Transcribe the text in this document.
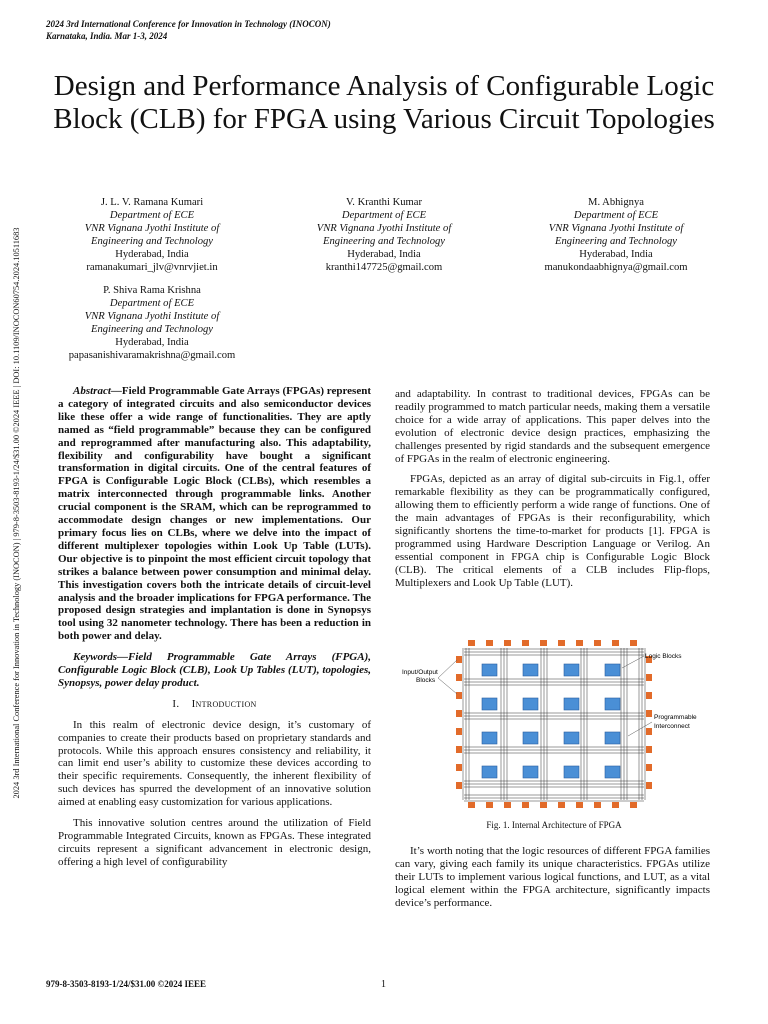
2024 3rd International Conference for Innovation in Technology (INOCON)
Karnataka, India. Mar 1-3, 2024
Design and Performance Analysis of Configurable Logic Block (CLB) for FPGA using Various Circuit Topologies
J. L. V. Ramana Kumari
Department of ECE
VNR Vignana Jyothi Institute of
Engineering and Technology
Hyderabad, India
ramanakumari_jlv@vnrvjiet.in
V. Kranthi Kumar
Department of ECE
VNR Vignana Jyothi Institute of
Engineering and Technology
Hyderabad, India
kranthi147725@gmail.com
M. Abhignya
Department of ECE
VNR Vignana Jyothi Institute of
Engineering and Technology
Hyderabad, India
manukondaabhignya@gmail.com
P. Shiva Rama Krishna
Department of ECE
VNR Vignana Jyothi Institute of
Engineering and Technology
Hyderabad, India
papasanishivaramakrishna@gmail.com
2024 3rd International Conference for Innovation in Technology (INOCON) | 979-8-3503-8193-1/24/$31.00 ©2024 IEEE | DOI: 10.1109/INOCON60754.2024.10511683	Abstract—Field Programmable Gate Arrays (FPGAs) represent a category of integrated circuits and also semiconductor devices like these offer a wide range of functionalities. They are aptly named as “field programmable” because they can be configured and reprogrammed after manufacturing also. This adaptability, flexibility and configurability have bought a significant transformation in digital circuits. One of the central features of FPGA is Configurable Logic Block (CLBs), which resembles a matrix interconnected through programmable links. Another crucial component is the SRAM, which can be reprogrammed to accommodate design changes or new implementations. Our primary focus lies on CLBs, where we delve into the impact of different multiplexer topologies within Look Up Table (LUTs). Our objective is to pinpoint the most efficient circuit topology that strikes a balance between power consumption and minimal delay. This investigation covers both the intricate details of circuit-level analysis and the broader implications for FPGA performance. The proposed design strategies and implantation is done in Synopsys tool using 32 nanometer technology. There has been a reduction in both power and delay.

Keywords—Field Programmable Gate Arrays (FPGA), Configurable Logic Block (CLB), Look Up Tables (LUT), topologies, Synopsys, power delay product.

I. Introduction

In this realm of electronic device design, it’s customary of companies to create their products based on proprietary standards and protocols. While this approach ensures consistency and reliability, it can limit end user’s ability to customize these devices according to their specific requirements. Consequently, the inherent flexibility of such devices has spurred the development of an innovative solution aimed at enabling easy customization for various applications.

This innovative solution centres around the utilization of Field Programmable Integrated Circuits, known as FPGAs. These integrated circuits represent a significant advancement in electronic design, offering a high level of configurability

and adaptability. In contrast to traditional devices, FPGAs can be readily programmed to match particular needs, making them a versatile choice for a wide array of applications. This paper delves into the evolution of electronic device design practices, emphasizing the challenges presented by rigid standards and the subsequent emergence of FPGAs in the realm of electronic engineering.

FPGAs, depicted as an array of digital sub-circuits in Fig.1, offer remarkable flexibility as they can be programmatically configured, allowing them to efficiently perform a wide range of functions. One of the main advantages of FPGAs is their reconfigurability, which significantly shortens the time-to-market for products [1]. FPGA is programmed using Hardware Description Language or Verilog. An essential component in FPGA chip is Configurable Logic Block (CLB). The critical elements of a CLB includes Flip-flops, Multiplexers and Look Up Table (LUT).

Input/Output
Blocks
Logic Blocks
Programmable
Interconnect
Fig. 1. Internal Architecture of FPGA

It’s worth noting that the logic resources of different FPGA families can vary, giving each family its unique characteristics. FPGAs utilize their LUTs to implement various logical functions, and LUT, as a vital logical element within the FPGA architecture, significantly impacts device’s performance.

979-8-3503-8193-1/24/$31.00 ©2024 IEEE	1
